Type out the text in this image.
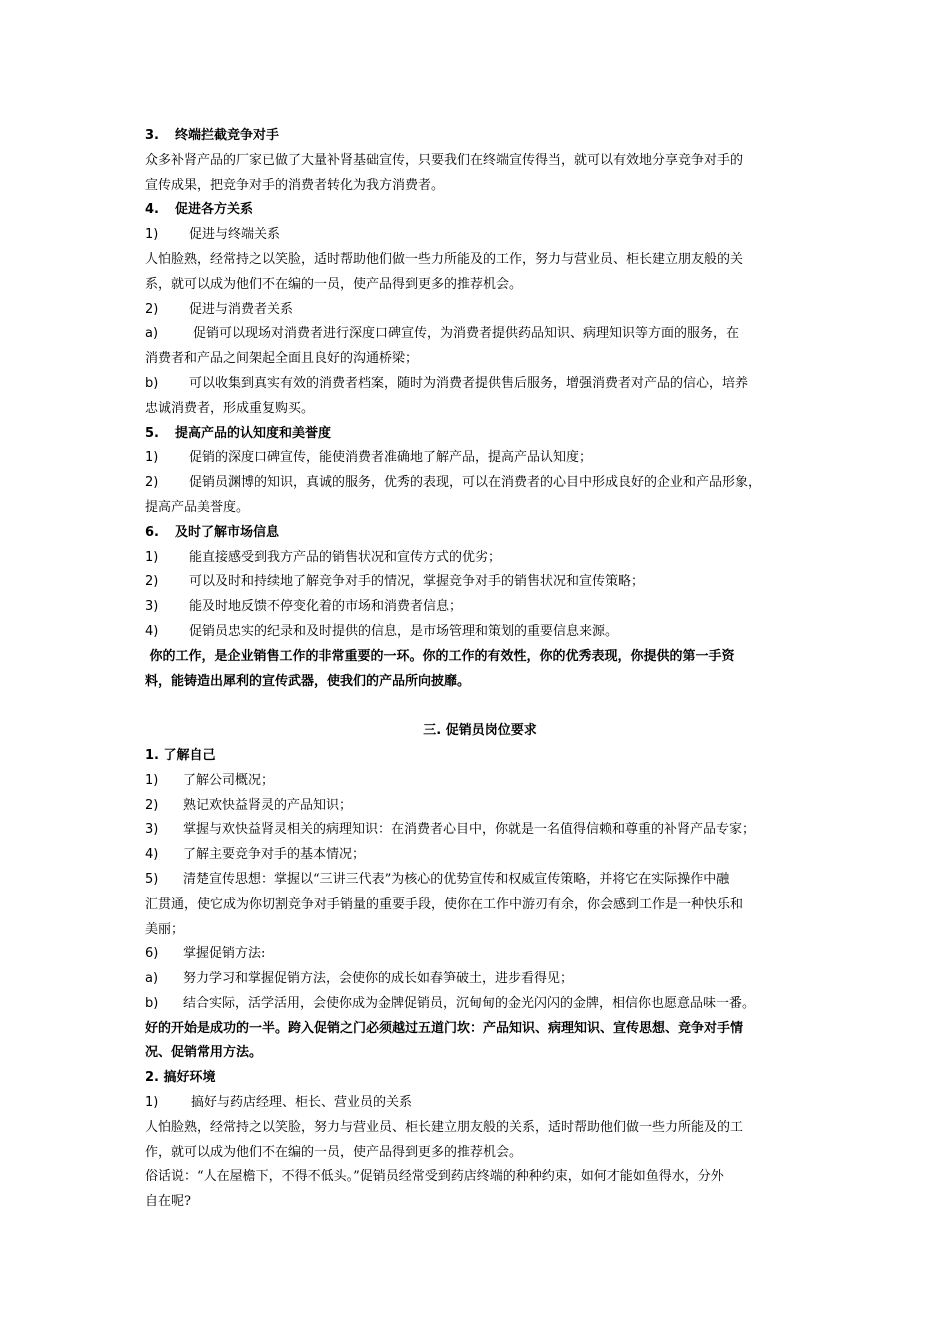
3. 终端拦截竞争对手
众多补肾产品的厂家已做了大量补肾基础宣传，只要我们在终端宣传得当，就可以有效地分享竞争对手的
宣传成果，把竞争对手的消费者转化为我方消费者。
4. 促进各方关系
1) 促进与终端关系
人怕脸熟，经常持之以笑脸，适时帮助他们做一些力所能及的工作，努力与营业员、柜长建立朋友般的关
系，就可以成为他们不在编的一员，使产品得到更多的推荐机会。
2) 促进与消费者关系
a)	促销可以现场对消费者进行深度口碑宣传，为消费者提供药品知识、病理知识等方面的服务，在
消费者和产品之间架起全面且良好的沟通桥梁；
b) 可以收集到真实有效的消费者档案，随时为消费者提供售后服务，增强消费者对产品的信心，培养
忠诚消费者，形成重复购买。
5. 提高产品的认知度和美誉度
1) 促销的深度口碑宣传，能使消费者准确地了解产品，提高产品认知度；
2) 促销员渊博的知识，真诚的服务，优秀的表现，可以在消费者的心目中形成良好的企业和产品形象，
提高产品美誉度。
6. 及时了解市场信息
1) 能直接感受到我方产品的销售状况和宣传方式的优劣；
2) 可以及时和持续地了解竞争对手的情况，掌握竞争对手的销售状况和宣传策略；
3) 能及时地反馈不停变化着的市场和消费者信息；
4) 促销员忠实的纪录和及时提供的信息，是市场管理和策划的重要信息来源。
你的工作，是企业销售工作的非常重要的一环。你的工作的有效性，你的优秀表现，你提供的第一手资
料，能铸造出犀利的宣传武器，使我们的产品所向披靡。
三. 促销员岗位要求
1. 了解自己
1) 了解公司概况；
2) 熟记欢快益肾灵的产品知识；
3) 掌握与欢快益肾灵相关的病理知识：在消费者心目中，你就是一名值得信赖和尊重的补肾产品专家；
4) 了解主要竞争对手的基本情况；
5) 清楚宣传思想：掌握以“三讲三代表”为核心的优势宣传和权威宣传策略，并将它在实际操作中融
汇贯通，使它成为你切割竞争对手销量的重要手段，使你在工作中游刃有余，你会感到工作是一种快乐和
美丽；
6) 掌握促销方法:
a) 努力学习和掌握促销方法，会使你的成长如春笋破土，进步看得见；
b) 结合实际，活学活用，会使你成为金牌促销员，沉甸甸的金光闪闪的金牌，相信你也愿意品味一番。
好的开始是成功的一半。跨入促销之门必须越过五道门坎：产品知识、病理知识、宣传思想、竞争对手情
况、促销常用方法。
2. 搞好环境
1)	搞好与药店经理、柜长、营业员的关系
人怕脸熟，经常持之以笑脸，努力与营业员、柜长建立朋友般的关系，适时帮助他们做一些力所能及的工
作，就可以成为他们不在编的一员，使产品得到更多的推荐机会。
俗话说：“人在屋檐下，不得不低头。”促销员经常受到药店终端的种种约束，如何才能如鱼得水，分外
自在呢?
